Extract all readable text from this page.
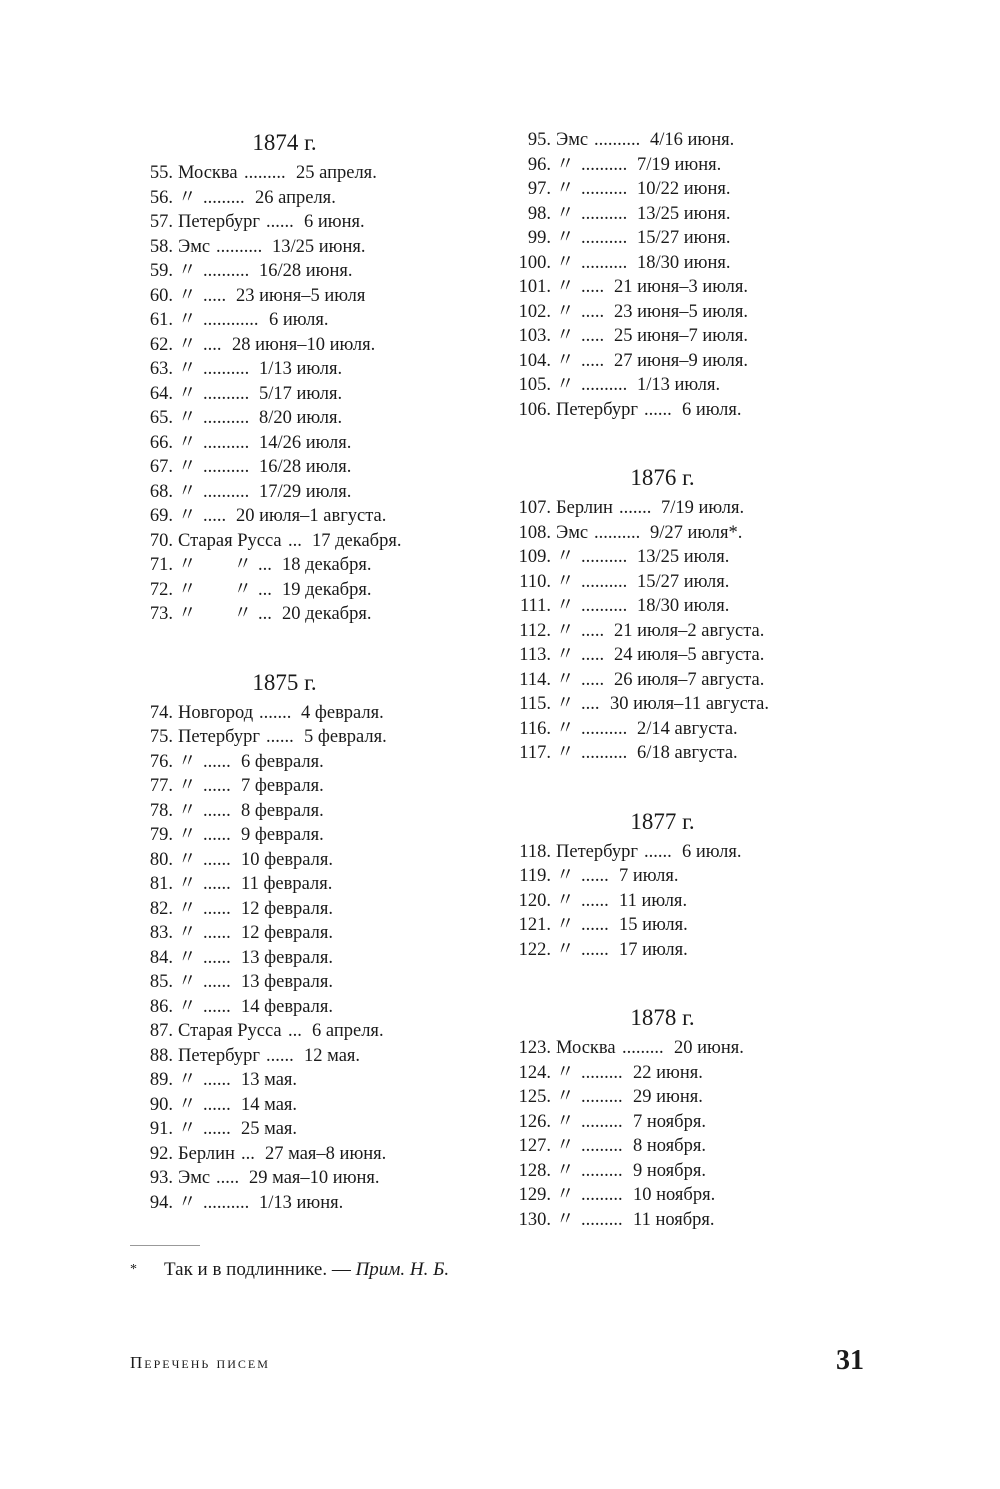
1874 г.
55. Москва ......... 25 апреля.
56. 〃 ......... 26 апреля.
57. Петербург ...... 6 июня.
58. Эмс .......... 13/25 июня.
59. 〃 .......... 16/28 июня.
60. 〃 ..... 23 июня–5 июля
61. 〃 ............ 6 июля.
62. 〃 .... 28 июня–10 июля.
63. 〃 .......... 1/13 июля.
64. 〃 .......... 5/17 июля.
65. 〃 .......... 8/20 июля.
66. 〃 .......... 14/26 июля.
67. 〃 .......... 16/28 июля.
68. 〃 .......... 17/29 июля.
69. 〃 ..... 20 июля–1 августа.
70. Старая Русса ... 17 декабря.
71. 〃　　〃 ... 18 декабря.
72. 〃　　〃 ... 19 декабря.
73. 〃　　〃 ... 20 декабря.
1875 г.
74. Новгород ....... 4 февраля.
75. Петербург ...... 5 февраля.
76. 〃 ...... 6 февраля.
77. 〃 ...... 7 февраля.
78. 〃 ...... 8 февраля.
79. 〃 ...... 9 февраля.
80. 〃 ...... 10 февраля.
81. 〃 ...... 11 февраля.
82. 〃 ...... 12 февраля.
83. 〃 ...... 12 февраля.
84. 〃 ...... 13 февраля.
85. 〃 ...... 13 февраля.
86. 〃 ...... 14 февраля.
87. Старая Русса ... 6 апреля.
88. Петербург ...... 12 мая.
89. 〃 ...... 13 мая.
90. 〃 ...... 14 мая.
91. 〃 ...... 25 мая.
92. Берлин ... 27 мая–8 июня.
93. Эмс ..... 29 мая–10 июня.
94. 〃 .......... 1/13 июня.
95. Эмс .......... 4/16 июня.
96. 〃 .......... 7/19 июня.
97. 〃 .......... 10/22 июня.
98. 〃 .......... 13/25 июня.
99. 〃 .......... 15/27 июня.
100. 〃 .......... 18/30 июня.
101. 〃 ..... 21 июня–3 июля.
102. 〃 ..... 23 июня–5 июля.
103. 〃 ..... 25 июня–7 июля.
104. 〃 ..... 27 июня–9 июля.
105. 〃 .......... 1/13 июля.
106. Петербург ...... 6 июля.
1876 г.
107. Берлин ....... 7/19 июля.
108. Эмс .......... 9/27 июля*.
109. 〃 .......... 13/25 июля.
110. 〃 .......... 15/27 июля.
111. 〃 .......... 18/30 июля.
112. 〃 ..... 21 июля–2 августа.
113. 〃 ..... 24 июля–5 августа.
114. 〃 ..... 26 июля–7 августа.
115. 〃 .... 30 июля–11 августа.
116. 〃 .......... 2/14 августа.
117. 〃 .......... 6/18 августа.
1877 г.
118. Петербург ...... 6 июля.
119. 〃 ...... 7 июля.
120. 〃 ...... 11 июля.
121. 〃 ...... 15 июля.
122. 〃 ...... 17 июля.
1878 г.
123. Москва ......... 20 июня.
124. 〃 ......... 22 июня.
125. 〃 ......... 29 июня.
126. 〃 ......... 7 ноября.
127. 〃 ......... 8 ноября.
128. 〃 ......... 9 ноября.
129. 〃 ......... 10 ноября.
130. 〃 ......... 11 ноября.
* Так и в подлиннике. — Прим. Н. Б.
Перечень писем	31
